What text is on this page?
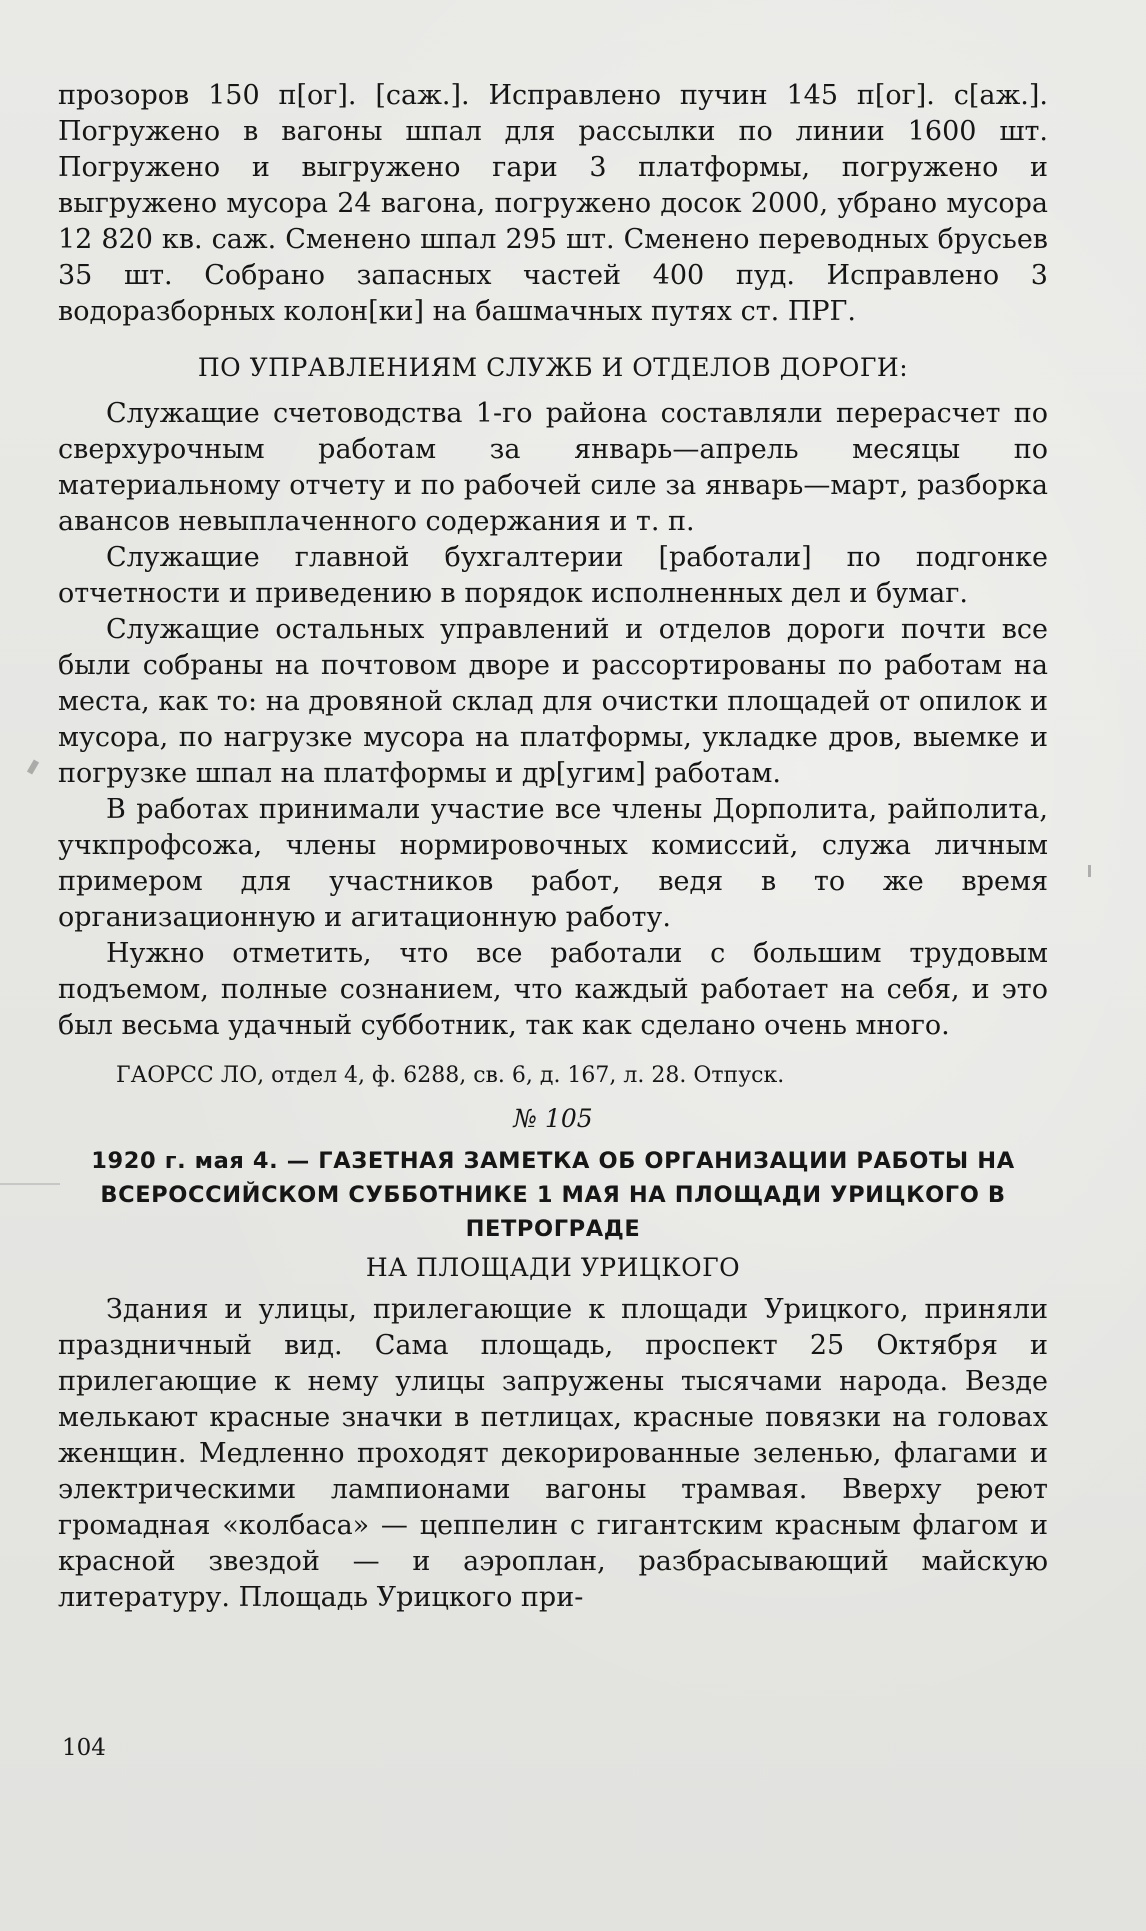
прозоров 150 п[ог]. [саж.]. Исправлено пучин 145 п[ог]. с[аж.]. Погружено в вагоны шпал для рассылки по линии 1600 шт. Погружено и выгружено гари 3 платформы, погружено и выгружено мусора 24 вагона, погружено досок 2000, убрано мусора 12 820 кв. саж. Сменено шпал 295 шт. Сменено переводных брусьев 35 шт. Собрано запасных частей 400 пуд. Исправлено 3 водоразборных колон[ки] на башмачных путях ст. ПРГ.

ПО УПРАВЛЕНИЯМ СЛУЖБ И ОТДЕЛОВ ДОРОГИ:

Служащие счетоводства 1-го района составляли перерасчет по сверхурочным работам за январь—апрель месяцы по материальному отчету и по рабочей силе за январь—март, разборка авансов невыплаченного содержания и т. п.

Служащие главной бухгалтерии [работали] по подгонке отчетности и приведению в порядок исполненных дел и бумаг.

Служащие остальных управлений и отделов дороги почти все были собраны на почтовом дворе и рассортированы по работам на места, как то: на дровяной склад для очистки площадей от опилок и мусора, по нагрузке мусора на платформы, укладке дров, выемке и погрузке шпал на платформы и др[угим] работам.

В работах принимали участие все члены Дорполита, райполита, учкпрофсожа, члены нормировочных комиссий, служа личным примером для участников работ, ведя в то же время организационную и агитационную работу.

Нужно отметить, что все работали с большим трудовым подъемом, полные сознанием, что каждый работает на себя, и это был весьма удачный субботник, так как сделано очень много.

ГАОРСС ЛО, отдел 4, ф. 6288, св. 6, д. 167, л. 28. Отпуск.
№ 105
1920 г. мая 4. — ГАЗЕТНАЯ ЗАМЕТКА ОБ ОРГАНИЗАЦИИ РАБОТЫ НА ВСЕРОССИЙСКОМ СУББОТНИКЕ 1 МАЯ НА ПЛОЩАДИ УРИЦКОГО В ПЕТРОГРАДЕ
НА ПЛОЩАДИ УРИЦКОГО

Здания и улицы, прилегающие к площади Урицкого, приняли праздничный вид. Сама площадь, проспект 25 Октября и прилегающие к нему улицы запружены тысячами народа. Везде мелькают красные значки в петлицах, красные повязки на головах женщин. Медленно проходят декорированные зеленью, флагами и электрическими лампионами вагоны трамвая. Вверху реют громадная «колбаса» — цеппелин с гигантским красным флагом и красной звездой — и аэроплан, разбрасывающий майскую литературу. Площадь Урицкого при-

104
